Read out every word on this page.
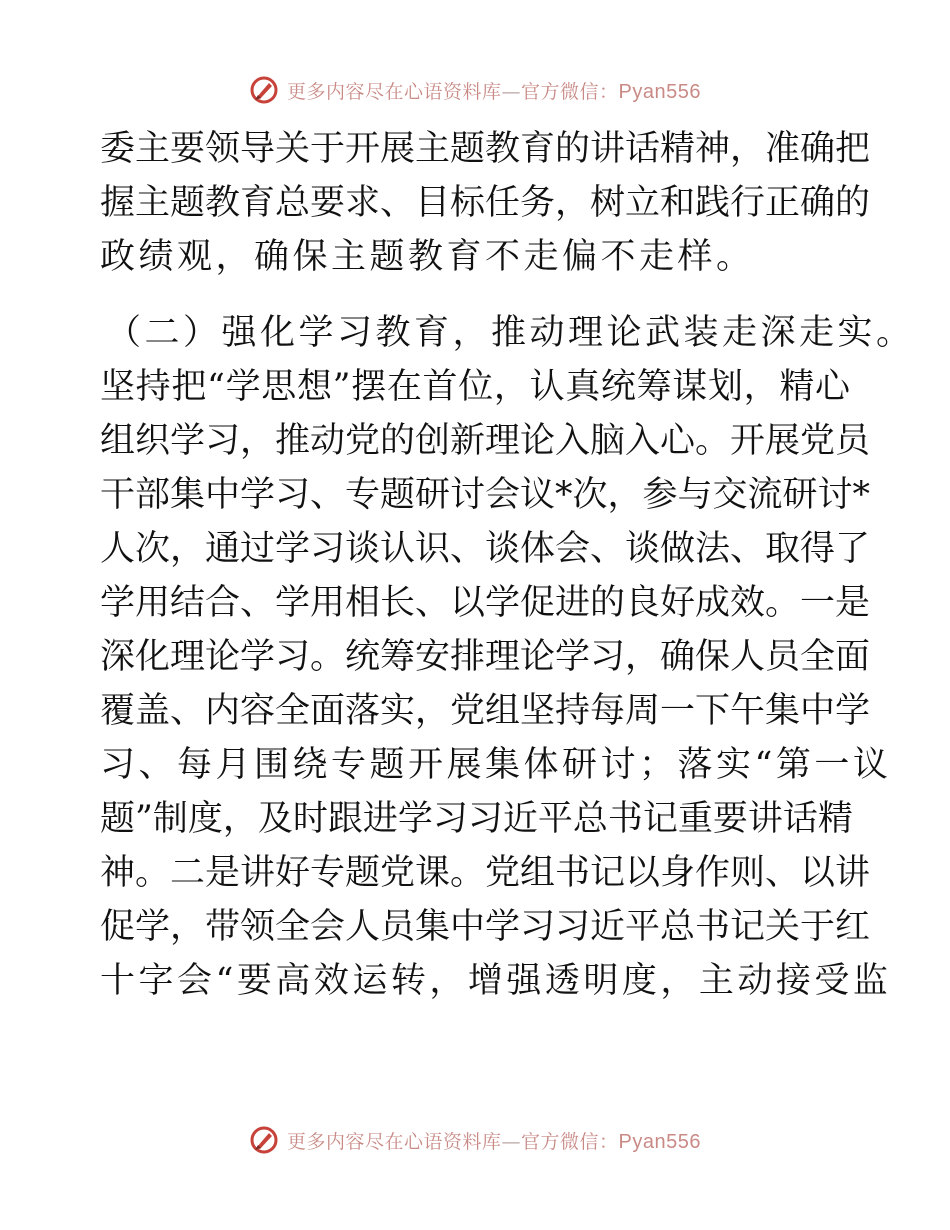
更多内容尽在心语资料库—官方微信：Pyan556
委主要领导关于开展主题教育的讲话精神，准确把
握主题教育总要求、目标任务，树立和践行正确的
政绩观，确保主题教育不走偏不走样。
（二）强化学习教育，推动理论武装走深走实。
坚持把“学思想”摆在首位，认真统筹谋划，精心
组织学习，推动党的创新理论入脑入心。开展党员
干部集中学习、专题研讨会议*次，参与交流研讨*
人次，通过学习谈认识、谈体会、谈做法、取得了
学用结合、学用相长、以学促进的良好成效。一是
深化理论学习。统筹安排理论学习，确保人员全面
覆盖、内容全面落实，党组坚持每周一下午集中学
习、每月围绕专题开展集体研讨；落实“第一议
题”制度，及时跟进学习习近平总书记重要讲话精
神。二是讲好专题党课。党组书记以身作则、以讲
促学，带领全会人员集中学习习近平总书记关于红
十字会“要高效运转，增强透明度，主动接受监
更多内容尽在心语资料库—官方微信：Pyan556
